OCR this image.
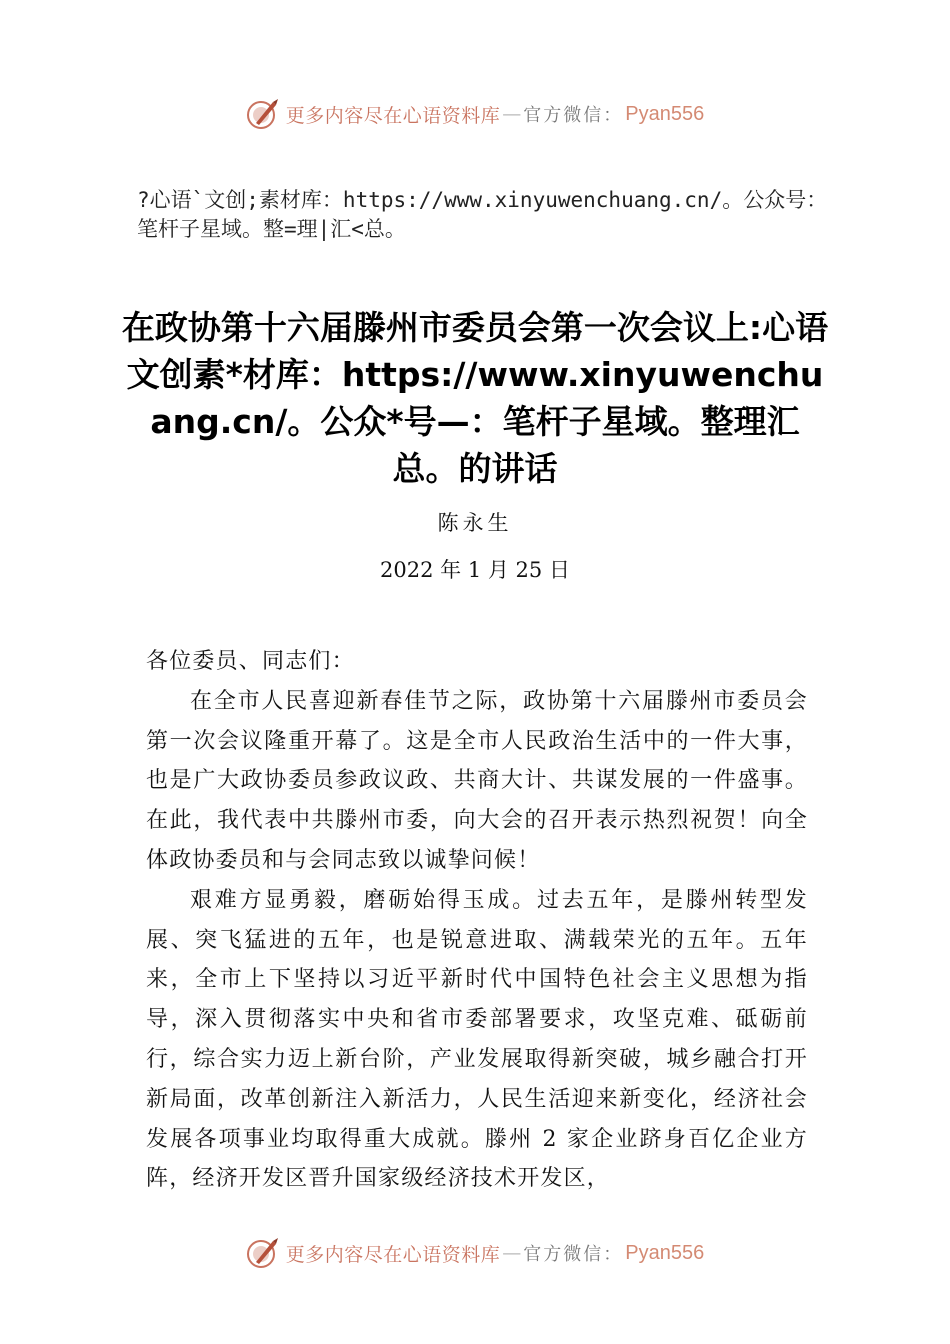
更多内容尽在心语资料库 — 官方微信： Pyan556
?心语`文创;素材库：https://www.xinyuwenchuang.cn/。公众号：笔杆子星域。整=理|汇<总。
在政协第十六届滕州市委员会第一次会议上:心语文创素*材库：https://www.xinyuwenchuang.cn/。公众*号—：笔杆子星域。整理汇总。的讲话
陈永生
2022 年 1 月 25 日

各位委员、同志们：

在全市人民喜迎新春佳节之际，政协第十六届滕州市委员会第一次会议隆重开幕了。这是全市人民政治生活中的一件大事，也是广大政协委员参政议政、共商大计、共谋发展的一件盛事。在此，我代表中共滕州市委，向大会的召开表示热烈祝贺！向全体政协委员和与会同志致以诚挚问候！

艰难方显勇毅，磨砺始得玉成。过去五年，是滕州转型发展、突飞猛进的五年，也是锐意进取、满载荣光的五年。五年来，全市上下坚持以习近平新时代中国特色社会主义思想为指导，深入贯彻落实中央和省市委部署要求，攻坚克难、砥砺前行，综合实力迈上新台阶，产业发展取得新突破，城乡融合打开新局面，改革创新注入新活力，人民生活迎来新变化，经济社会发展各项事业均取得重大成就。滕州 2 家企业跻身百亿企业方阵，经济开发区晋升国家级经济技术开发区，

更多内容尽在心语资料库 — 官方微信： Pyan556
